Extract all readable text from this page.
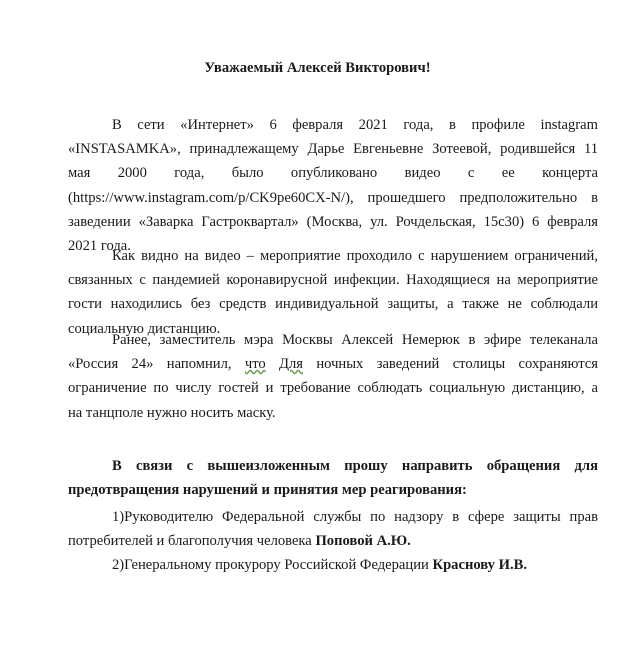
Уважаемый Алексей Викторович!
В сети «Интернет» 6 февраля 2021 года, в профиле instagram
«INSTASAMKA», принадлежащему Дарье Евгеньевне Зотеевой, родившейся 11
мая 2000 года, было опубликовано видео с ее концерта
(https://www.instagram.com/p/CK9pe60CX-N/), прошедшего предположительно в
заведении «Заварка Гастроквартал» (Москва, ул. Рочдельская, 15с30) 6 февраля
2021 года.
Как видно на видео – мероприятие проходило с нарушением ограничений,
связанных с пандемией коронавирусной инфекции. Находящиеся на мероприятие
гости находились без средств индивидуальной защиты, а также не соблюдали
социальную дистанцию.
Ранее, заместитель мэра Москвы Алексей Немерюк в эфире телеканала
«Россия 24» напомнил, что Для ночных заведений столицы сохраняются
ограничение по числу гостей и требование соблюдать социальную дистанцию, а
на танцполе нужно носить маску.
В связи с вышеизложенным прошу направить обращения для
предотвращения нарушений и принятия мер реагирования:
1)Руководителю Федеральной службы по надзору в сфере защиты прав
потребителей и благополучия человека Поповой А.Ю.
2)Генеральному прокурору Российской Федерации Краснову И.В.
